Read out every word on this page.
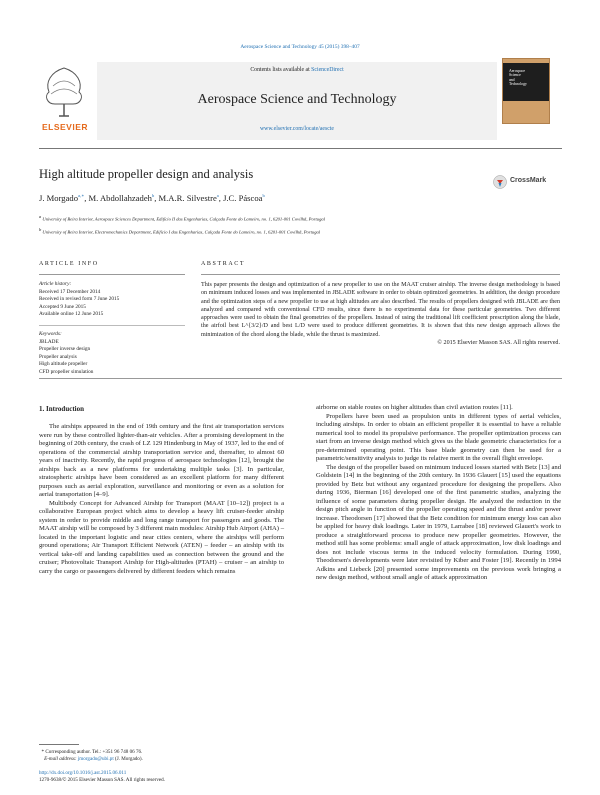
Aerospace Science and Technology 45 (2015) 398–407
ELSEVIER
Contents lists available at ScienceDirect
Aerospace Science and Technology
www.elsevier.com/locate/aescte
Aerospace
Science
and
Technology
High altitude propeller design and analysis	CrossMark
J. Morgado$^{a,∗}$, M. Abdollahzadeh$^b$, M.A.R. Silvestre$^a$, J.C. Páscoa$^b$
a University of Beira Interior, Aerospace Sciences Department, Edifício II das Engenharias, Calçada Fonte do Lameiro, no. 1, 6201-001 Covilhã, Portugal
b University of Beira Interior, Electromechanics Department, Edifício I das Engenharias, Calçada Fonte do Lameiro, no. 1, 6201-001 Covilhã, Portugal
ARTICLE INFO
Article history:
Received 17 December 2014
Received in revised form 7 June 2015
Accepted 9 June 2015
Available online 12 June 2015
Keywords:
JBLADE
Propeller inverse design
Propeller analysis
High altitude propeller
CFD propeller simulation
ABSTRACT
This paper presents the design and optimization of a new propeller to use on the MAAT cruiser airship. The inverse design methodology is based on minimum induced losses and was implemented in JBLADE software in order to obtain optimized geometries. In addition, the design procedure and the optimization steps of a new propeller to use at high altitudes are also described. The results of propellers designed with JBLADE are then analyzed and compared with conventional CFD results, since there is no experimental data for these particular geometries. Two different approaches were used to obtain the final geometries of the propellers. Instead of using the traditional lift coefficient prescription along the blade, the airfoil best L^{3/2}/D and best L/D were used to produce different geometries. It is shown that this new design approach allows the minimization of the chord along the blade, while the thrust is maximized.
© 2015 Elsevier Masson SAS. All rights reserved.
1. Introduction

The airships appeared in the end of 19th century and the first air transportation services were run by these controlled lighter-than-air vehicles. After a promising development in the beginning of 20th century, the crash of LZ 129 Hindenburg in May of 1937, led to the end of operations of the commercial airship transportation service and, thereafter, to almost 60 years of inactivity. Recently, the rapid progress of aerospace technologies [12], brought the airships back as a new platforms for undertaking multiple tasks [3]. In particular, stratospheric airships have been considered as an excellent platform for many different purposes such as aerial exploration, surveillance and monitoring or even as a solution for aerial transportation [4–9].

Multibody Concept for Advanced Airship for Transport (MAAT [10–12]) project is a collaborative European project which aims to develop a heavy lift cruiser-feeder airship system in order to provide middle and long range transport for passengers and goods. The MAAT airship will be composed by 3 different main modules: Airship Hub Airport (AHA) – located in the important logistic and near cities centers, where the airships will perform ground operations; Air Transport Efficient Network (ATEN) – feeder – an airship with its vertical take-off and landing capabilities used as connection between the ground and the cruiser; Photovoltaic Transport Airship for High-altitudes (PTAH) – cruiser – an airship to carry the cargo or passengers delivered by different feeders which remains

airborne on stable routes on higher altitudes than civil aviation routes [11].

Propellers have been used as propulsion units in different types of aerial vehicles, including airships. In order to obtain an efficient propeller it is essential to have a reliable numerical tool to model its propulsive performance. The propeller optimization process can start from an inverse design method which gives us the blade geometric characteristics for a pre-determined operating point. This base blade geometry can then be used for a parametric/sensitivity analysis to judge its relative merit in the overall flight envelope.

The design of the propeller based on minimum induced losses started with Betz [13] and Goldstein [14] in the beginning of the 20th century. In 1936 Glauert [15] used the equations provided by Betz but without any organized procedure for designing the propellers. Also during 1936, Bierman [16] developed one of the first parametric studies, analyzing the influence of some parameters during propeller design. He analyzed the reduction in the design pitch angle in function of the propeller operating speed and the thrust and/or power increase. Theodorsen [17] showed that the Betz condition for minimum energy loss can also be applied for heavy disk loadings. Later in 1979, Larrabee [18] reviewed Glauert's work to produce a straightforward process to produce new propeller geometries. However, the method still has some problems: small angle of attack approximation, low disk loadings and does not include viscous terms in the induced velocity formulation. During 1990, Theodorsen's developments were later revisited by Kiber and Foster [19]. Recently in 1994 Adkins and Liebeck [20] presented some improvements on the previous work bringing a new design method, without small angle of attack approximation

* Corresponding author. Tel.: +351 96 748 06 76.
E-mail address: jmorgado@ubi.pt (J. Morgado).
http://dx.doi.org/10.1016/j.ast.2015.06.011
1270-9638/© 2015 Elsevier Masson SAS. All rights reserved.
